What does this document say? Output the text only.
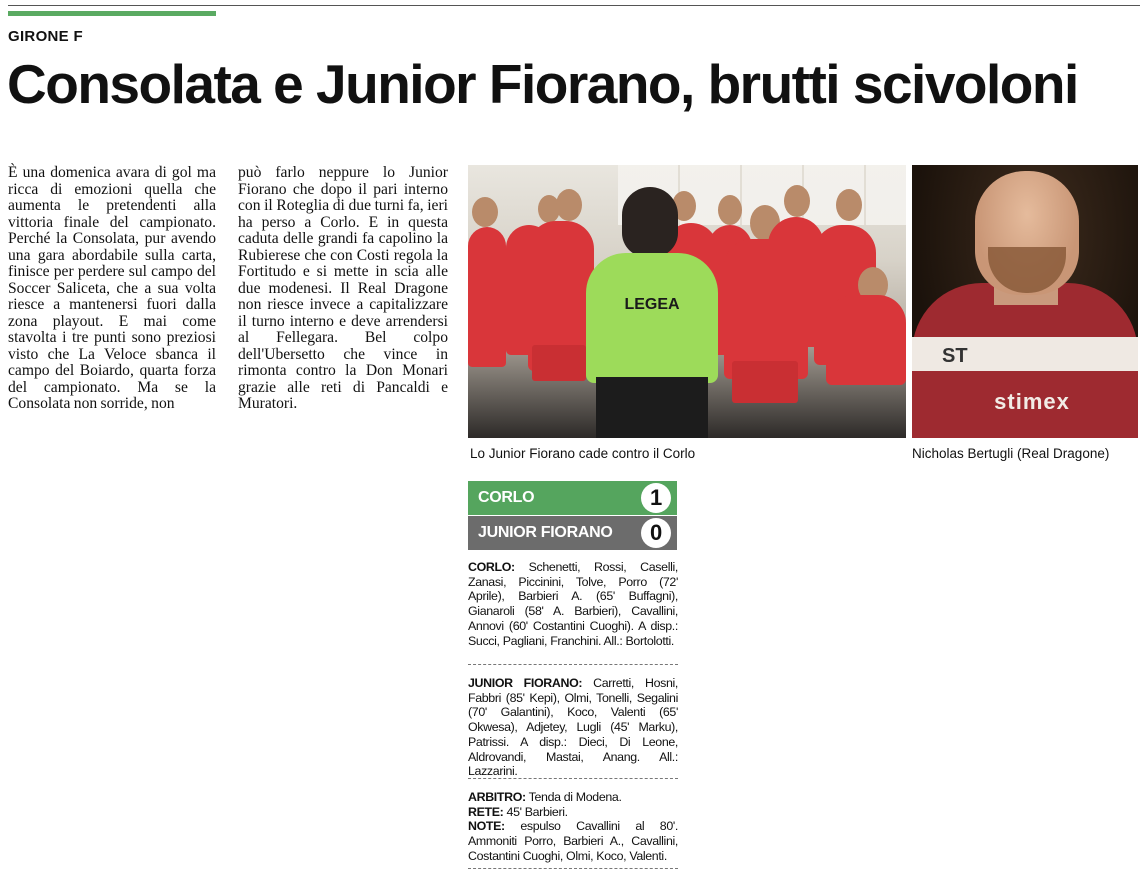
GIRONE F
Consolata e Junior Fiorano, brutti scivoloni

È una domenica avara di gol ma ricca di emozioni quella che aumenta le pretendenti alla vittoria finale del campionato. Perché la Consolata, pur avendo una gara abordabile sulla carta, finisce per perdere sul campo del Soccer Saliceta, che a sua volta riesce a mantenersi fuori dalla zona playout. E mai come stavolta i tre punti sono preziosi visto che La Veloce sbanca il campo del Boiardo, quarta forza del campionato. Ma se la Consolata non sorride, non

può farlo neppure lo Junior Fiorano che dopo il pari interno con il Roteglia di due turni fa, ieri ha perso a Corlo. E in questa caduta delle grandi fa capolino la Rubierese che con Costi regola la Fortitudo e si mette in scia alle due modenesi. Il Real Dragone non riesce invece a capitalizzare il turno interno e deve arrendersi al Fellegara. Bel colpo dell'Ubersetto che vince in rimonta contro la Don Monari grazie alle reti di Pancaldi e Muratori.

LEGEA
ST
stimex
Lo Junior Fiorano cade contro il Corlo	Nicholas Bertugli (Real Dragone)
CORLO	1
JUNIOR FIORANO	0
CORLO: Schenetti, Rossi, Caselli, Zanasi, Piccinini, Tolve, Porro (72' Aprile), Barbieri A. (65' Buffagni), Gianaroli (58' A. Barbieri), Cavallini, Annovi (60' Costantini Cuoghi). A disp.: Succi, Pagliani, Franchini. All.: Bortolotti.
JUNIOR FIORANO: Carretti, Hosni, Fabbri (85' Kepi), Olmi, Tonelli, Segalini (70' Galantini), Koco, Valenti (65' Okwesa), Adjetey, Lugli (45' Marku), Patrissi. A disp.: Dieci, Di Leone, Aldrovandi, Mastai, Anang. All.: Lazzarini.
ARBITRO: Tenda di Modena.
RETE: 45' Barbieri.
NOTE: espulso Cavallini al 80'. Ammoniti Porro, Barbieri A., Cavallini, Costantini Cuoghi, Olmi, Koco, Valenti.
